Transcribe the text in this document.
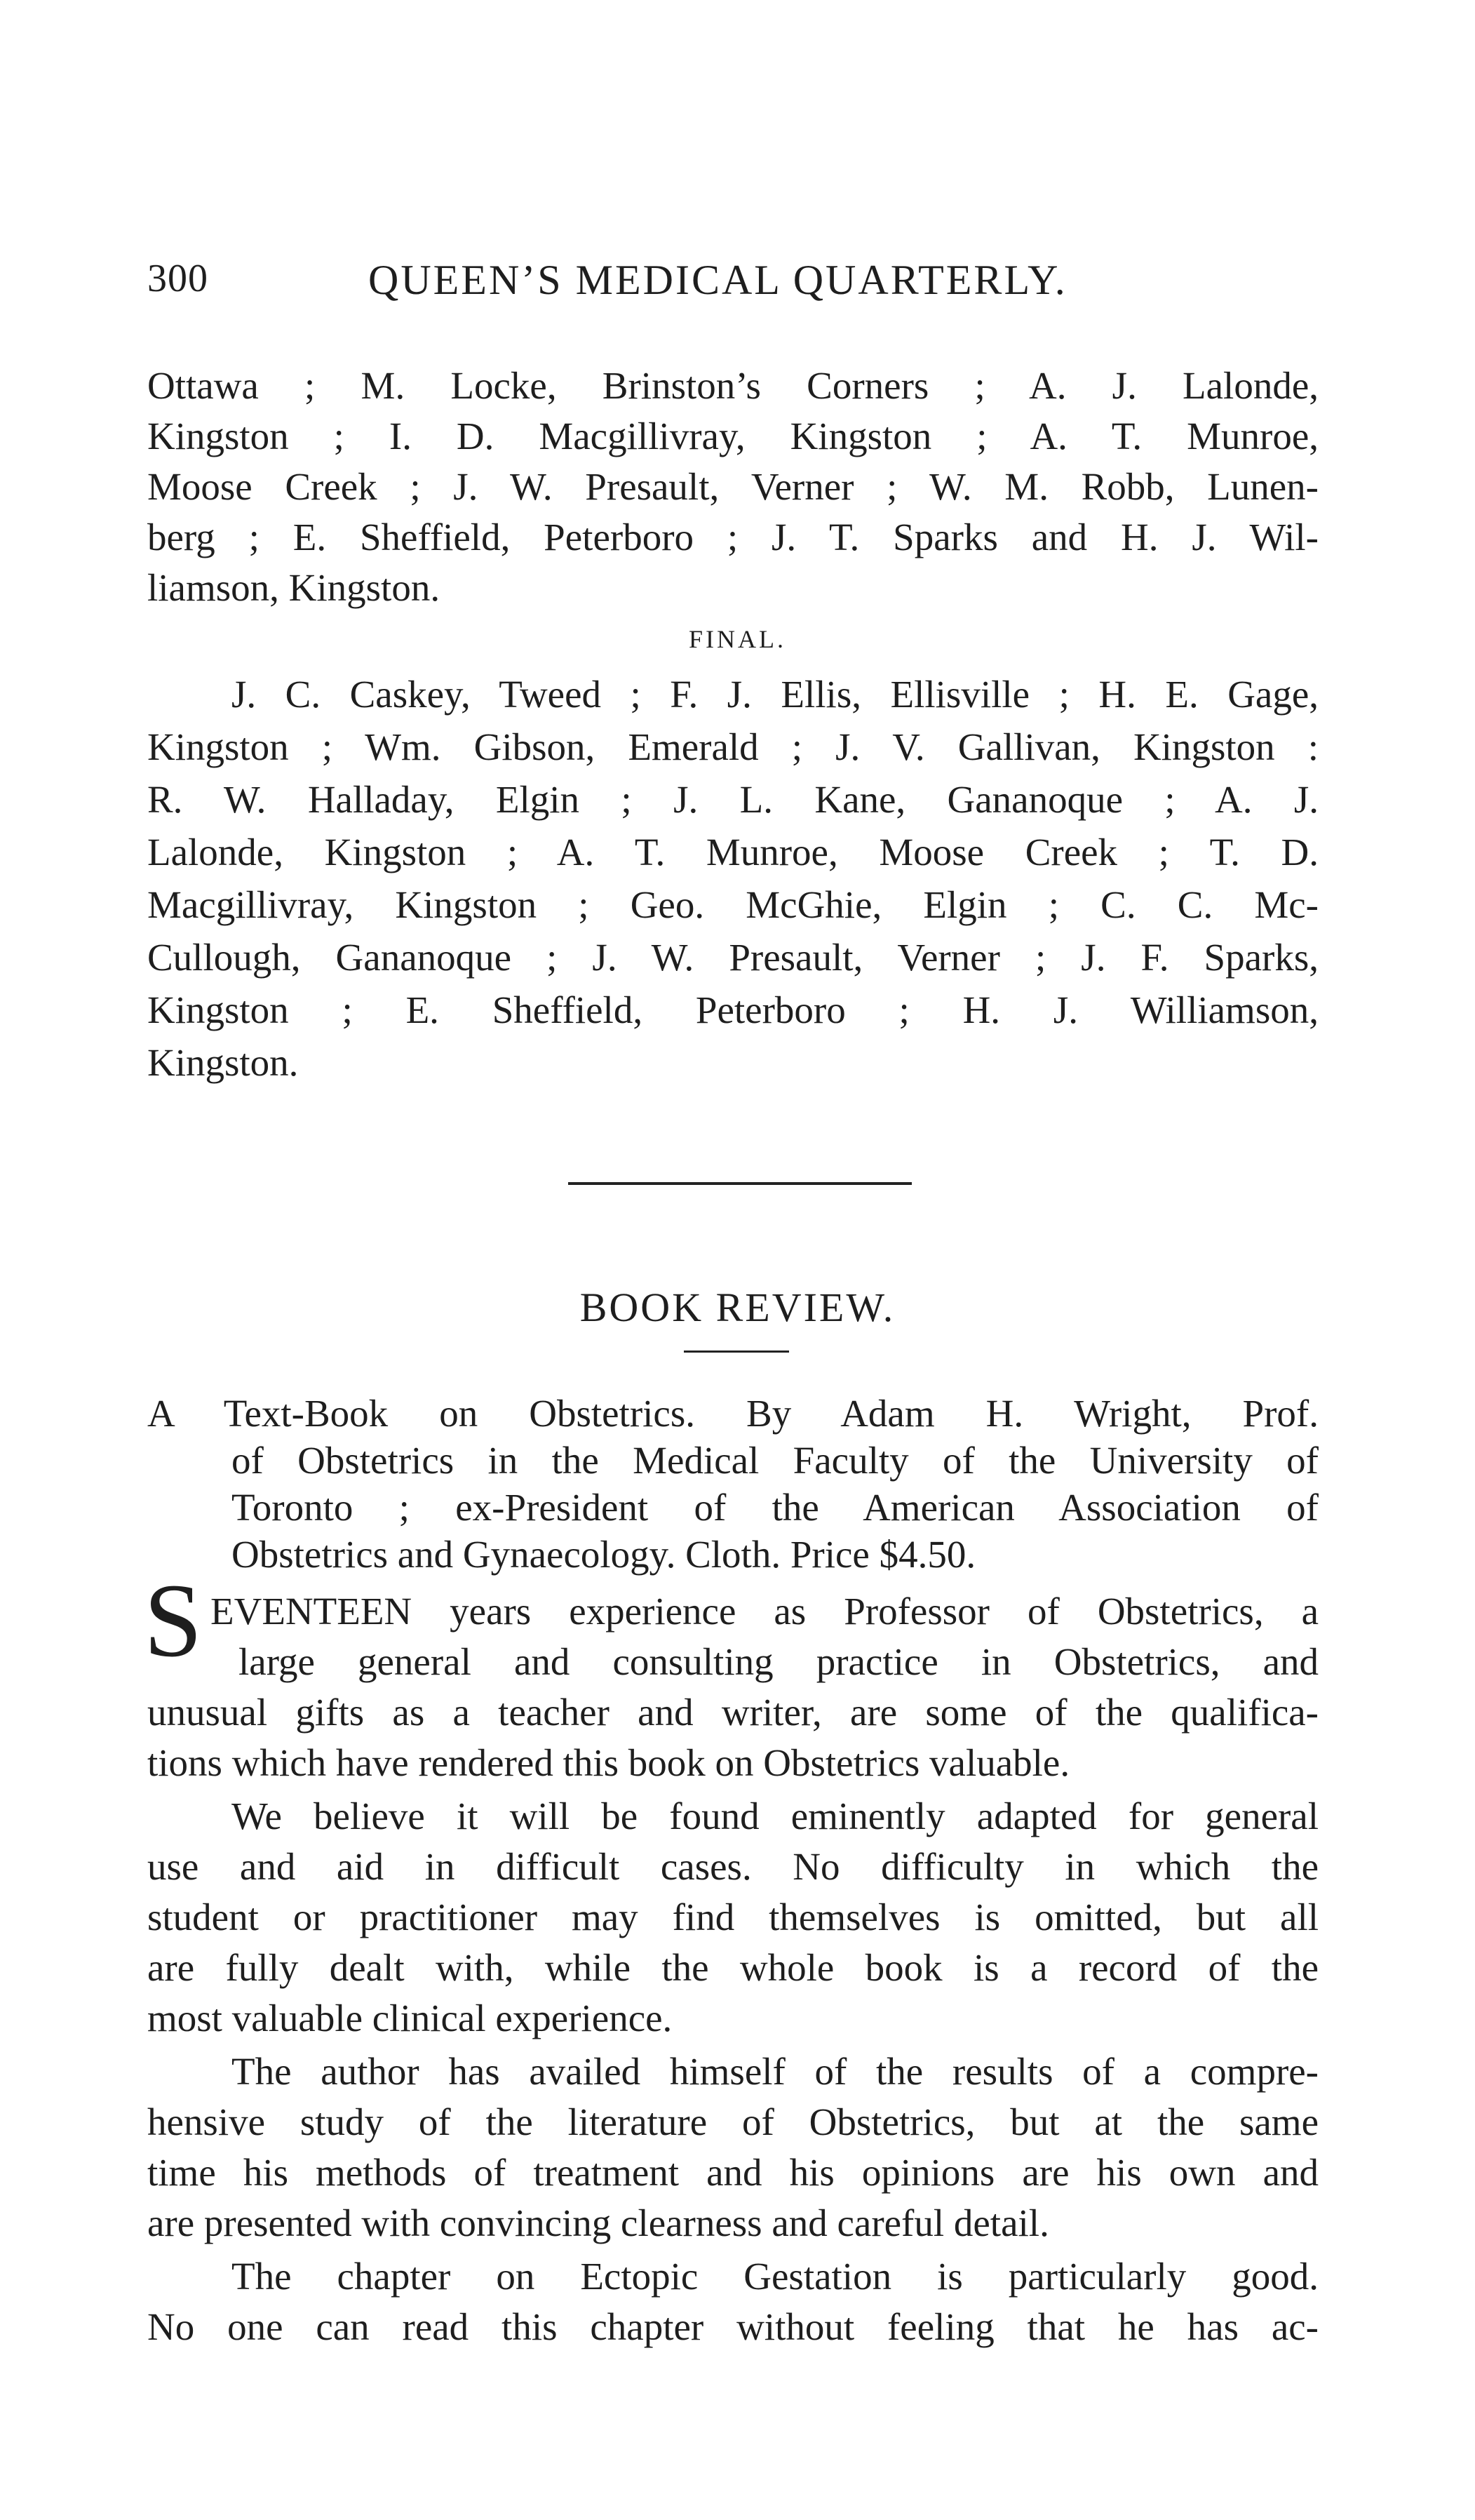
300	QUEEN’S MEDICAL QUARTERLY.
Ottawa ; M. Locke, Brinston’s Corners ; A. J. Lalonde,
Kingston ; I. D. Macgillivray, Kingston ; A. T. Munroe,
Moose Creek ; J. W. Presault, Verner ; W. M. Robb, Lunen-
berg ; E. Sheffield, Peterboro ; J. T. Sparks and H. J. Wil-
liamson, Kingston.
FINAL.
J. C. Caskey, Tweed ; F. J. Ellis, Ellisville ; H. E. Gage,
Kingston ; Wm. Gibson, Emerald ; J. V. Gallivan, Kingston :
R. W. Halladay, Elgin ; J. L. Kane, Gananoque ; A. J.
Lalonde, Kingston ; A. T. Munroe, Moose Creek ; T. D.
Macgillivray, Kingston ; Geo. McGhie, Elgin ; C. C. Mc-
Cullough, Gananoque ; J. W. Presault, Verner ; J. F. Sparks,
Kingston ; E. Sheffield, Peterboro ; H. J. Williamson,
Kingston.
BOOK REVIEW.
A Text-Book on Obstetrics. By Adam H. Wright, Prof.
of Obstetrics in the Medical Faculty of the University of
Toronto ; ex-President of the American Association of
Obstetrics and Gynaecology. Cloth. Price $4.50.
S EVENTEEN years experience as Professor of Obstetrics, a
large general and consulting practice in Obstetrics, and
unusual gifts as a teacher and writer, are some of the qualifica-
tions which have rendered this book on Obstetrics valuable.
We believe it will be found eminently adapted for general
use and aid in difficult cases. No difficulty in which the
student or practitioner may find themselves is omitted, but all
are fully dealt with, while the whole book is a record of the
most valuable clinical experience.
The author has availed himself of the results of a compre-
hensive study of the literature of Obstetrics, but at the same
time his methods of treatment and his opinions are his own and
are presented with convincing clearness and careful detail.
The chapter on Ectopic Gestation is particularly good.
No one can read this chapter without feeling that he has ac-
